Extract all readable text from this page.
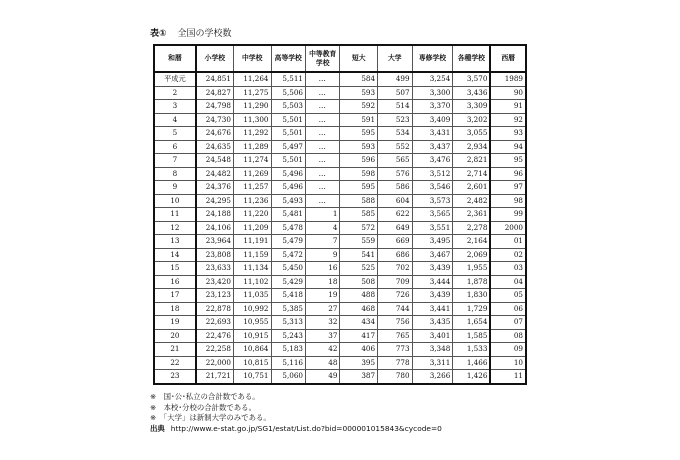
表① 全国の学校数
和暦	小学校	中学校	高等学校	中等教育学校	短大	大学	専修学校	各種学校	西暦
平成元	24,851	11,264	5,511	…	584	499	3,254	3,570	1989
2	24,827	11,275	5,506	…	593	507	3,300	3,436	90
3	24,798	11,290	5,503	…	592	514	3,370	3,309	91
4	24,730	11,300	5,501	…	591	523	3,409	3,202	92
5	24,676	11,292	5,501	…	595	534	3,431	3,055	93
6	24,635	11,289	5,497	…	593	552	3,437	2,934	94
7	24,548	11,274	5,501	…	596	565	3,476	2,821	95
8	24,482	11,269	5,496	…	598	576	3,512	2,714	96
9	24,376	11,257	5,496	…	595	586	3,546	2,601	97
10	24,295	11,236	5,493	…	588	604	3,573	2,482	98
11	24,188	11,220	5,481	1	585	622	3,565	2,361	99
12	24,106	11,209	5,478	4	572	649	3,551	2,278	2000
13	23,964	11,191	5,479	7	559	669	3,495	2,164	01
14	23,808	11,159	5,472	9	541	686	3,467	2,069	02
15	23,633	11,134	5,450	16	525	702	3,439	1,955	03
16	23,420	11,102	5,429	18	508	709	3,444	1,878	04
17	23,123	11,035	5,418	19	488	726	3,439	1,830	05
18	22,878	10,992	5,385	27	468	744	3,441	1,729	06
19	22,693	10,955	5,313	32	434	756	3,435	1,654	07
20	22,476	10,915	5,243	37	417	765	3,401	1,585	08
21	22,258	10,864	5,183	42	406	773	3,348	1,533	09
22	22,000	10,815	5,116	48	395	778	3,311	1,466	10
23	21,721	10,751	5,060	49	387	780	3,266	1,426	11
※　国･公･私立の合計数である。
※　本校･分校の合計数である。
※　「大学」は新制大学のみである。
出典 http://www.e-stat.go.jp/SG1/estat/List.do?bid=000001015843&cycode=0
